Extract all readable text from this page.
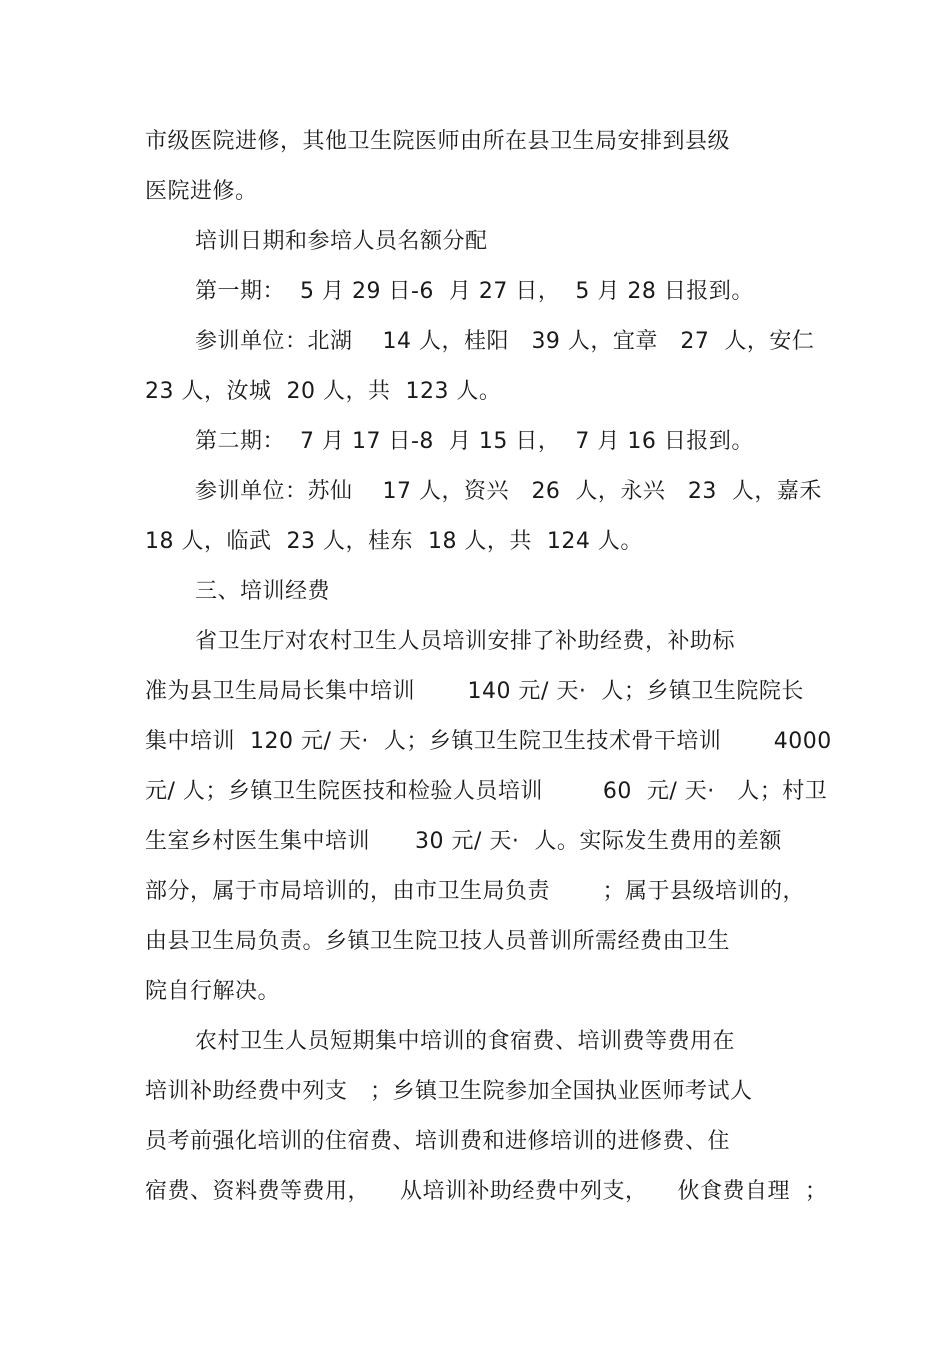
市级医院进修，其他卫生院医师由所在县卫生局安排到县级
医院进修。
培训日期和参培人员名额分配
第一期：  5 月 29 日-6  月 27 日，  5 月 28 日报到。
参训单位：北湖    14 人，桂阳   39 人，宜章   27  人，安仁
23 人，汝城  20 人，共  123 人。
第二期：  7 月 17 日-8  月 15 日，  7 月 16 日报到。
参训单位：苏仙    17 人，资兴   26  人，永兴   23  人，嘉禾
18 人，临武  23 人，桂东  18 人，共  124 人。
三、培训经费
省卫生厅对农村卫生人员培训安排了补助经费，补助标
准为县卫生局局长集中培训       140 元/ 天·  人；乡镇卫生院院长
集中培训  120 元/ 天·  人；乡镇卫生院卫生技术骨干培训       4000
元/ 人；乡镇卫生院医技和检验人员培训        60  元/ 天·   人；村卫
生室乡村医生集中培训      30 元/ 天·  人。实际发生费用的差额
部分，属于市局培训的，由市卫生局负责       ；属于县级培训的，
由县卫生局负责。乡镇卫生院卫技人员普训所需经费由卫生
院自行解决。
农村卫生人员短期集中培训的食宿费、培训费等费用在
培训补助经费中列支   ；乡镇卫生院参加全国执业医师考试人
员考前强化培训的住宿费、培训费和进修培训的进修费、住
宿费、资料费等费用，    从培训补助经费中列支，    伙食费自理  ；
